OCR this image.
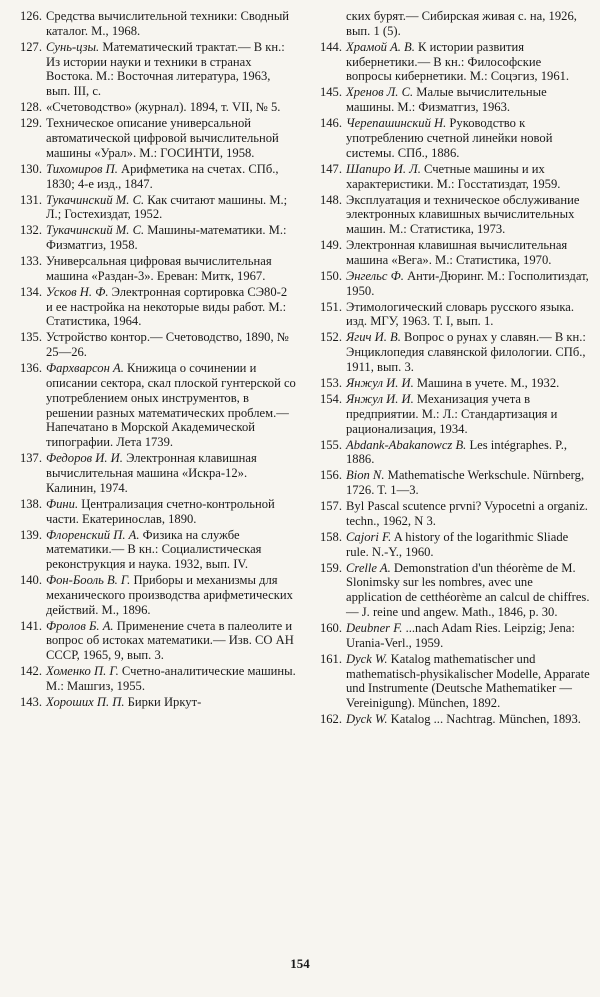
126. Средства вычислительной техники: Сводный каталог. М., 1968.
127. Сунь-цзы. Математический трактат.— В кн.: Из истории науки и техники в странах Востока. М.: Восточная литература, 1963, вып. III, с.
128. «Счетоводство» (журнал). 1894, т. VII, № 5.
129. Техническое описание универсальной автоматической цифровой вычислительной машины «Урал». М.: ГОСИНТИ, 1958.
130. Тихомиров П. Арифметика на счетах. СПб., 1830; 4-е изд., 1847.
131. Тукачинский М. С. Как считают машины. М.; Л.; Гостехиздат, 1952.
132. Тукачинский М. С. Машины-математики. М.: Физматгиз, 1958.
133. Универсальная цифровая вычислительная машина «Раздан-3». Ереван: Митк, 1967.
134. Усков Н. Ф. Электронная сортировка СЭ80-2 и ее настройка на некоторые виды работ. М.: Статистика, 1964.
135. Устройство контор.— Счетоводство, 1890, № 25—26.
136. Фархварсон А. Книжица о сочинении и описании сектора, скал плоской гунтерской со употреблением оных инструментов, в решении разных математических проблем.— Напечатано в Морской Академической типографии. Лета 1739.
137. Федоров И. И. Электронная клавишная вычислительная машина «Искра-12». Калинин, 1974.
138. Фини. Централизация счетно-контрольной части. Екатеринослав, 1890.
139. Флоренский П. А. Физика на службе математики.— В кн.: Социалистическая реконструкция и наука. 1932, вып. IV.
140. Фон-Бооль В. Г. Приборы и механизмы для механического производства арифметических действий. М., 1896.
141. Фролов Б. А. Применение счета в палеолите и вопрос об истоках математики.— Изв. СО АН СССР, 1965, 9, вып. 3.
142. Хоменко П. Г. Счетно-аналитические машины. М.: Машгиз, 1955.
143. Хороших П. П. Бирки Иркут-
ских бурят.— Сибирская живая с. на, 1926, вып. 1 (5).
144. Храмой А. В. К истории развития кибернетики.— В кн.: Философские вопросы кибернетики. М.: Соцэгиз, 1961.
145. Хренов Л. С. Малые вычислительные машины. М.: Физматгиз, 1963.
146. Черепашинский Н. Руководство к употреблению счетной линейки новой системы. СПб., 1886.
147. Шапиро И. Л. Счетные машины и их характеристики. М.: Госстатиздат, 1959.
148. Эксплуатация и техническое обслуживание электронных клавишных вычислительных машин. М.: Статистика, 1973.
149. Электронная клавишная вычислительная машина «Вега». М.: Статистика, 1970.
150. Энгельс Ф. Анти-Дюринг. М.: Госполитиздат, 1950.
151. Этимологический словарь русского языка. изд. МГУ, 1963. Т. I, вып. 1.
152. Ягич И. В. Вопрос о рунах у славян.— В кн.: Энциклопедия славянской филологии. СПб., 1911, вып. 3.
153. Янжул И. И. Машина в учете. М., 1932.
154. Янжул И. И. Механизация учета в предприятии. М.: Л.: Стандартизация и рационализация, 1934.
155. Abdank-Abakanowcz B. Les intégraphes. P., 1886.
156. Bion N. Mathematische Werkschule. Nürnberg, 1726. T. 1—3.
157. Byl Pascal scutence prvni? Vypocetni a organiz. techn., 1962, N 3.
158. Cajori F. A history of the logarithmic Sliade rule. N.-Y., 1960.
159. Crelle A. Demonstration d'un théorème de M. Slonimsky sur les nombres, avec une application de cetthéorème an calcul de chiffres.— J. reine und angew. Math., 1846, p. 30.
160. Deubner F. ...nach Adam Ries. Leipzig; Jena: Urania-Verl., 1959.
161. Dyck W. Katalog mathematischer und mathematisch-physikalischer Modelle, Apparate und Instrumente (Deutsche Mathematiker — Vereinigung). München, 1892.
162. Dyck W. Katalog ... Nachtrag. München, 1893.
154
